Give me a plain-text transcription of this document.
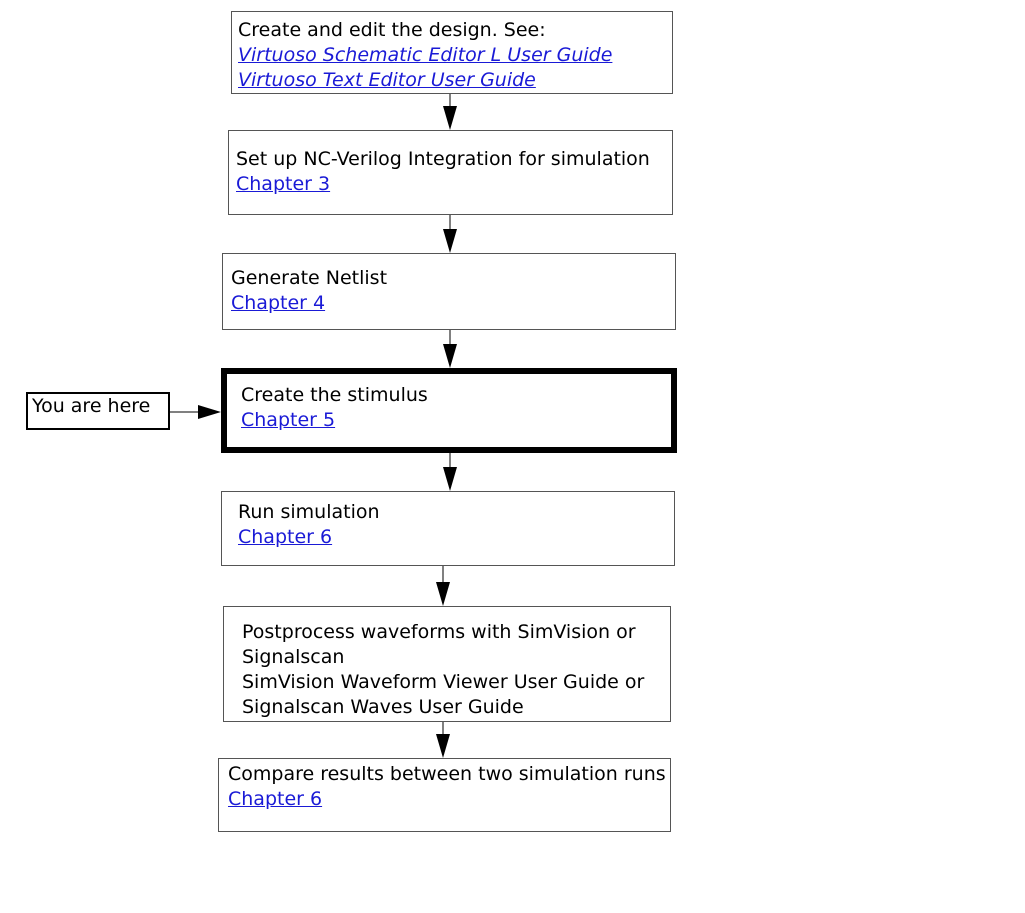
Create and edit the design. See:
Virtuoso Schematic Editor L User Guide
Virtuoso Text Editor User Guide
Set up NC-Verilog Integration for simulation
Chapter 3
Generate Netlist
Chapter 4
Create the stimulus
Chapter 5
Run simulation
Chapter 6
Postprocess waveforms with SimVision or
Signalscan
SimVision Waveform Viewer User Guide or
Signalscan Waves User Guide
Compare results between two simulation runs
Chapter 6
You are here
